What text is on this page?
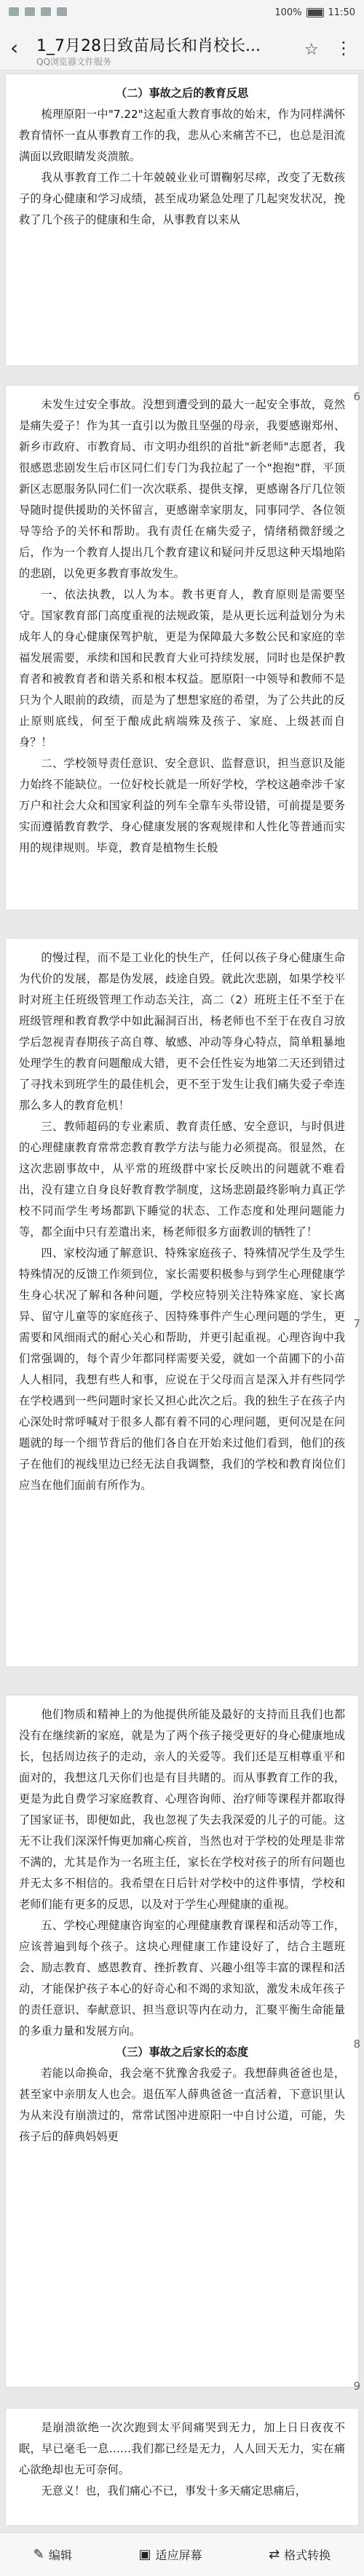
100%	11:50
‹ 1_7月28日致苗局长和肖校长...
QQ浏览器文件服务
☆ ⋮

（二）事故之后的教育反思

梳理原阳一中"7.22"这起重大教育事故的始末，作为同样满怀教育情怀一直从事教育工作的我，悲从心来痛苦不已，也总是泪流满面以致眼睛发炎溃脓。

我从事教育工作二十年兢兢业业可谓鞠躬尽瘁，改变了无数孩子的身心健康和学习成绩，甚至成功紧急处理了几起突发状况，挽救了几个孩子的健康和生命，从事教育以来从

未发生过安全事故。没想到遭受到的最大一起安全事故，竟然是痛失爱子！作为其一直引以为傲且坚强的母亲，我要感谢郑州、新乡市政府、市教育局、市文明办组织的首批"新老师"志愿者，我很感恩悲剧发生后市区同仁们专门为我拉起了一个"抱抱"群，平顶新区志愿服务队同仁们一次次联系、提供支撑，更感谢各厅几位领导随时提供援助的关怀留言，更感谢幸家朋友，同事同学、各位领导等给予的关怀和帮助。我有责任在痛失爱子，情绪稍微舒缓之后，作为一个教育人提出几个教育建议和疑问并反思这种天塌地陷的悲剧，以免更多教育事故发生。

一、依法执教，以人为本。教书更育人，教育原则是需要坚守。国家教育部门高度重视的法规政策，是从更长远利益划分为未成年人的身心健康保驾护航，更是为保障最大多数公民和家庭的幸福发展需要，承续和国和民教育大业可持续发展，同时也是保护教育者和被教育者和谐关系和根本权益。愿原阳一中领导和教师不是只为个人眼前的政绩，而是为了想想家庭的希望，为了公共此的反止原则底线，何至于酿成此病端殊及孩子、家庭、上级甚而自身？！

二、学校领导责任意识、安全意识、监督意识，担当意识及能力始终不能缺位。一位好校长就是一所好学校，学校这趟牵涉千家万户和社会大众和国家利益的列车全靠车头带设错，可前提是要务实而遵循教育教学、身心健康发展的客观规律和人性化等普通而实用的规律规则。毕竟，教育是植物生长般

6

的慢过程，而不是工业化的快生产，任何以孩子身心健康生命为代价的发展，都是伪发展，歧途自毁。就此次悲剧，如果学校平时对班主任班级管理工作动态关注，高二（2）班班主任不至于在班级管理和教育教学中如此漏洞百出，杨老师也不至于在夜自习放学后忽视青春期孩子高自尊、敏感、冲动等身心特点，简单粗暴地处理学生的教育问题酿成大错，更不会任性妄为地第二天还到错过了寻找未到班学生的最佳机会，更不至于发生让我们痛失爱子牵连那么多人的教育危机！

三、教师超码的专业素质、教育责任感、安全意识，与时俱进的心理健康教育常常恋教育教学方法与能力必须提高。很显然，在这次悲剧事故中，从平常的班级群中家长反映出的问题就不难看出，没有建立自身良好教育教学制度，这场悲剧最终影响力真正学校不同而学生考场都趴下睡觉的状态、工作态度和处理问题能力等，都全面中只有差遣出来，杨老师很多方面教训的牺牲了！

四、家校沟通了解意识、特殊家庭孩子、特殊情况学生及学生特殊情况的反馈工作须到位，家长需要积极参与到学生心理健康学生身心状况了解和各种问题，学校应特别关注特殊家庭、家长离异、留守儿童等的家庭孩子、因特殊事件产生心理问题的学生，更需要和风细雨式的耐心关心和帮助，并更引起重视。心理咨询中我们常强调的，每个青少年都同样需要关爱，就如一个苗圃下的小苗人人相同，我想有些人和事，应说在于父母而言是深入并有些同学在学校遇到一些问题时家长又担心此次之后。我的独生子在孩子内心深处时常呼喊对于很多人都有着不同的心理问题，更何况是在问题就的每一个细节背后的他们各自在开始来过他们看到，他们的孩子在他们的视线里边已经无法自我调整，我们的学校和教育岗位们应当在他们面前有所作为。

7

他们物质和精神上的为他提供所能及最好的支持而且我们也都没有在继续新的家庭，就是为了两个孩子接受更好的身心健康地成长，包括周边孩子的走动，亲人的关爱等。我们还是互相尊重平和面对的，我想这几天你们也是有目共睹的。而从事教育工作的我，更是为此自费学习家庭教育、心理咨询师、治疗师等课程并都取得了国家证书，即便如此，我也忽视了失去我深爱的儿子的可能。这无不让我们深深忏悔更加痛心疾首，当然也对于学校的处理是非常不满的，尤其是作为一名班主任，家长在学校对孩子的所有问题也并无太多不相信的。我希望在日后针对学校中的这件事情，学校和老师们能有更多的反思，以及对于学生心理健康的重视。

五、学校心理健康咨询室的心理健康教育课程和活动等工作，应该普遍到每个孩子。这块心理健康工作建设好了，结合主题班会、励志教育、感恩教育、挫折教育、兴趣小组等丰富的课程和活动，才能保护孩子本心的好奇心和不竭的求知欲，激发未成年孩子的责任意识、奉献意识、担当意识等内在动力，汇聚平衡生命能量的多重力量和发展方向。

（三）事故之后家长的态度

若能以命换命，我会毫不犹豫舍我爱子。我想薛典爸爸也是，甚至家中亲朋友人也会。退伍军人薛典爸爸一直活着，下意识里认为从来没有崩溃过的，常常试图冲进原阳一中自讨公道，可能，失孩子后的薛典妈妈更

8

是崩溃欲绝一次次跑到太平间痛哭到无力，加上日日夜夜不眠，早已毫毛一息……我们都已经是无力，人人回天无力，实在痛心欲绝却也无可奈何。

无意义！也，我们痛心不已，事发十多天痛定思痛后，

9
✎ 编辑	▣ 适应屏幕	⇄ 格式转换
